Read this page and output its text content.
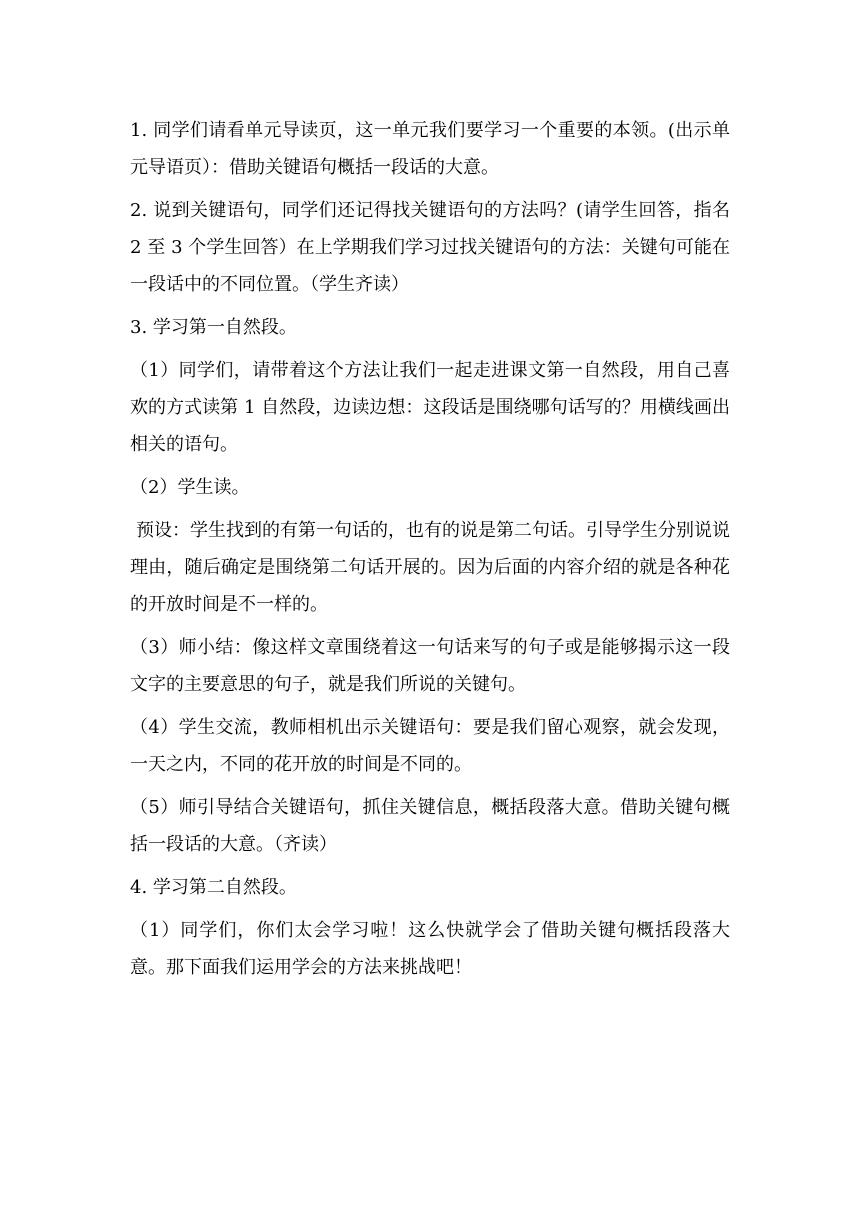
1. 同学们请看单元导读页，这一单元我们要学习一个重要的本领。(出示单元导语页）：借助关键语句概括一段话的大意。

2. 说到关键语句，同学们还记得找关键语句的方法吗？(请学生回答，指名 2 至 3 个学生回答）在上学期我们学习过找关键语句的方法：关键句可能在一段话中的不同位置。（学生齐读）

3. 学习第一自然段。

（1）同学们，请带着这个方法让我们一起走进课文第一自然段，用自己喜欢的方式读第 1 自然段，边读边想：这段话是围绕哪句话写的？用横线画出相关的语句。

（2）学生读。

预设：学生找到的有第一句话的，也有的说是第二句话。引导学生分别说说理由，随后确定是围绕第二句话开展的。因为后面的内容介绍的就是各种花的开放时间是不一样的。

（3）师小结：像这样文章围绕着这一句话来写的句子或是能够揭示这一段文字的主要意思的句子，就是我们所说的关键句。

（4）学生交流，教师相机出示关键语句：要是我们留心观察，就会发现，一天之内，不同的花开放的时间是不同的。

（5）师引导结合关键语句，抓住关键信息，概括段落大意。借助关键句概括一段话的大意。（齐读）

4. 学习第二自然段。

（1）同学们，你们太会学习啦！这么快就学会了借助关键句概括段落大意。那下面我们运用学会的方法来挑战吧！
